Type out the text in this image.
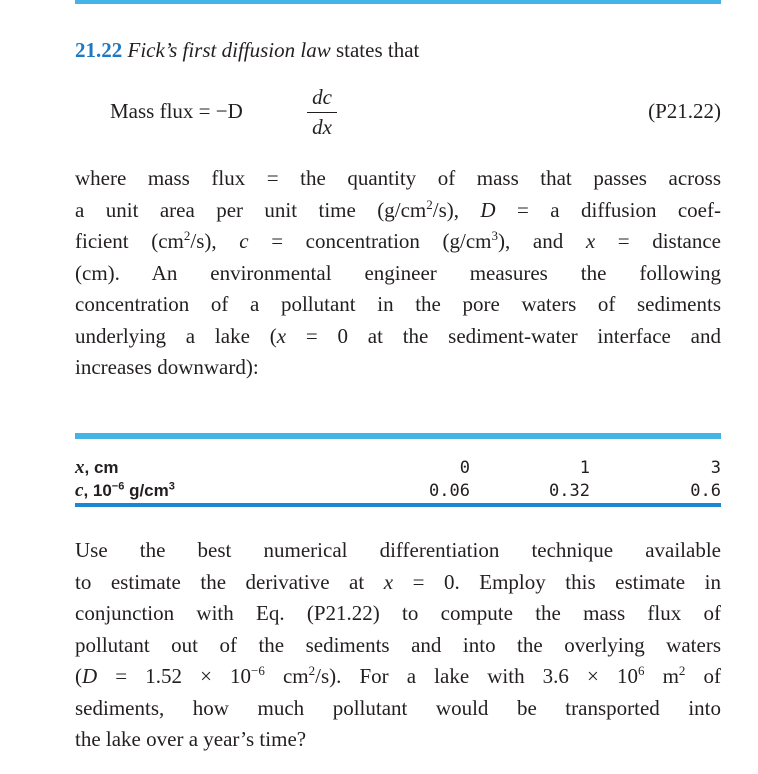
21.22 Fick’s first diffusion law states that
Mass flux = −D
dc
dx
(P21.22)
where mass flux = the quantity of mass that passes across
a unit area per unit time $(g/cm^2/s)$, D = a diffusion coef-
ficient $(cm^2/s)$, c = concentration $(g/cm^3)$, and x = distance
(cm). An environmental engineer measures the following
concentration of a pollutant in the pore waters of sediments
underlying a lake (x = 0 at the sediment-water interface and
increases downward):
x, cm	0	1	3
c, $10^{-6}$ $g/cm^3$	0.06	0.32	0.6
Use the best numerical differentiation technique available
to estimate the derivative at x = 0. Employ this estimate in
conjunction with Eq. (P21.22) to compute the mass flux of
pollutant out of the sediments and into the overlying waters
($D = 1.52 \times 10^{-6}$ $cm^2/s$). For a lake with $3.6 \times 10^6$ $m^2$ of
sediments, how much pollutant would be transported into
the lake over a year’s time?
